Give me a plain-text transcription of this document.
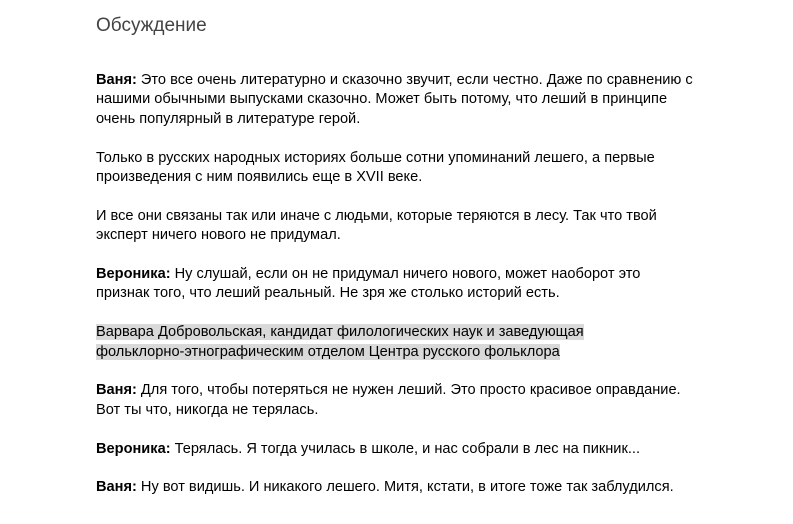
Обсуждение
Ваня: Это все очень литературно и сказочно звучит, если честно. Даже по сравнению с
нашими обычными выпусками сказочно. Может быть потому, что леший в принципе
очень популярный в литературе герой.
Только в русских народных историях больше сотни упоминаний лешего, а первые
произведения с ним появились еще в XVII веке.
И все они связаны так или иначе с людьми, которые теряются в лесу. Так что твой
эксперт ничего нового не придумал.
Вероника: Ну слушай, если он не придумал ничего нового, может наоборот это
признак того, что леший реальный. Не зря же столько историй есть.
Варвара Добровольская, кандидат филологических наук и заведующая
фольклорно-этнографическим отделом Центра русского фольклора
Ваня: Для того, чтобы потеряться не нужен леший. Это просто красивое оправдание.
Вот ты что, никогда не терялась.
Вероника: Терялась. Я тогда училась в школе, и нас собрали в лес на пикник...
Ваня: Ну вот видишь. И никакого лешего. Митя, кстати, в итоге тоже так заблудился.
